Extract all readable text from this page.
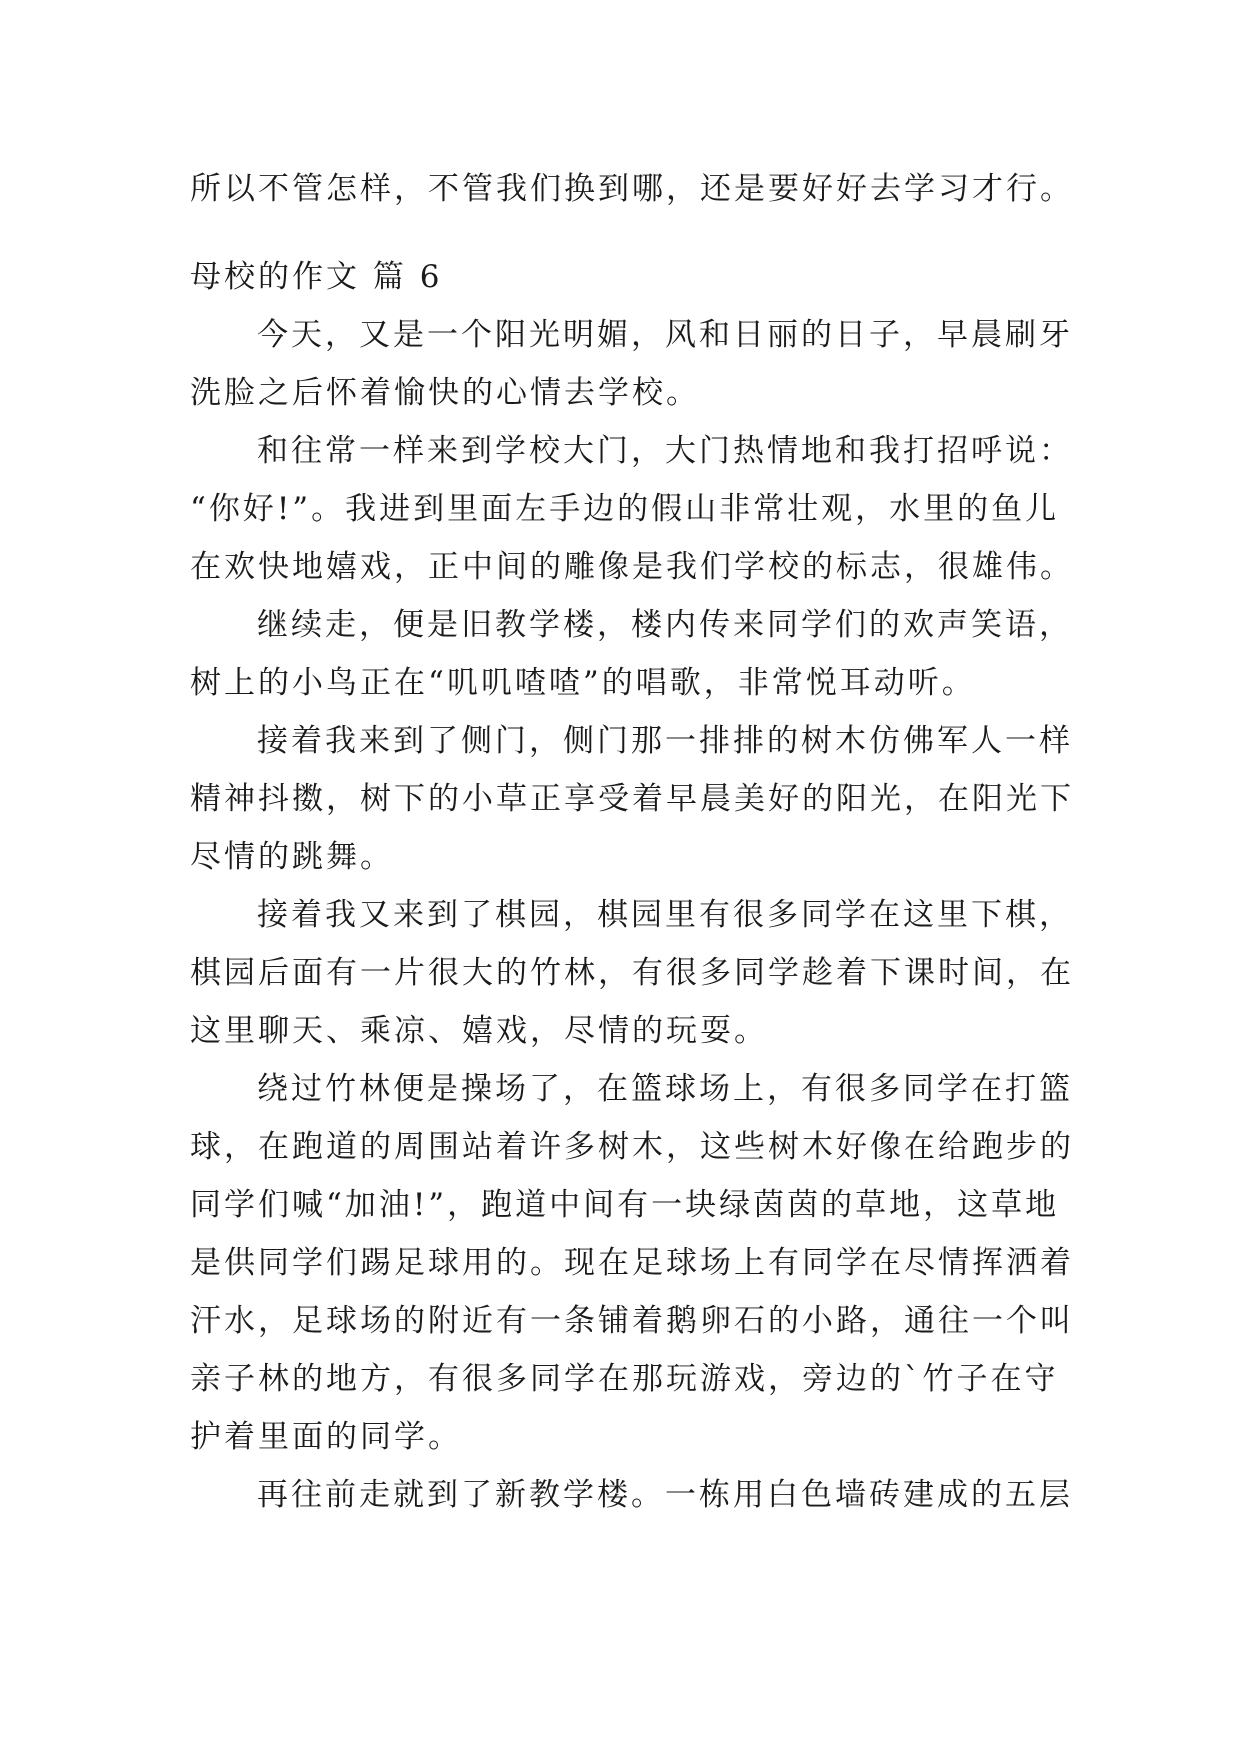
所以不管怎样，不管我们换到哪，还是要好好去学习才行。
母校的作文 篇 6
今天，又是一个阳光明媚，风和日丽的日子，早晨刷牙
洗脸之后怀着愉快的心情去学校。
和往常一样来到学校大门，大门热情地和我打招呼说：
“你好!”。我进到里面左手边的假山非常壮观，水里的鱼儿
在欢快地嬉戏，正中间的雕像是我们学校的标志，很雄伟。
继续走，便是旧教学楼，楼内传来同学们的欢声笑语，
树上的小鸟正在“叽叽喳喳”的唱歌，非常悦耳动听。
接着我来到了侧门，侧门那一排排的树木仿佛军人一样
精神抖擞，树下的小草正享受着早晨美好的阳光，在阳光下
尽情的跳舞。
接着我又来到了棋园，棋园里有很多同学在这里下棋，
棋园后面有一片很大的竹林，有很多同学趁着下课时间，在
这里聊天、乘凉、嬉戏，尽情的玩耍。
绕过竹林便是操场了，在篮球场上，有很多同学在打篮
球，在跑道的周围站着许多树木，这些树木好像在给跑步的
同学们喊“加油!”，跑道中间有一块绿茵茵的草地，这草地
是供同学们踢足球用的。现在足球场上有同学在尽情挥洒着
汗水，足球场的附近有一条铺着鹅卵石的小路，通往一个叫
亲子林的地方，有很多同学在那玩游戏，旁边的`竹子在守
护着里面的同学。
再往前走就到了新教学楼。一栋用白色墙砖建成的五层
